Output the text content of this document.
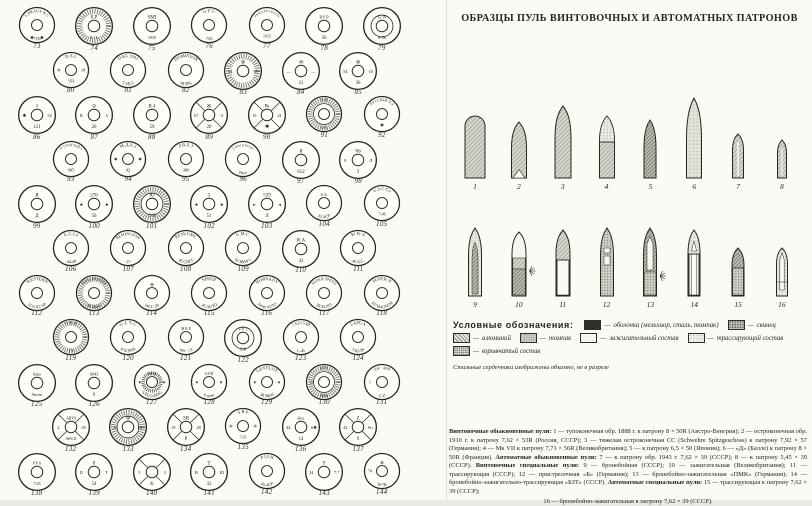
L.BEAUX & C
✱7.65✱
73
Б.Р
8-16
74
SMI
1935
75
·G·F·L·
7.65
76
FIOCCHI LECCO
1915
77
B P D
56
78
G·N
6-56
79
D.A.L
VII
Ф	18
80
DAG 1943
5 VII 2
81
DOMINION
38 SPL
82
⊕
04	65
83
46
21
—	—
84
⊕
36
54	10
85
I
121
✱	52
86
♔
26
R	A
87
R 4
59
88
Ж
20
67	Э
89
Рк
✱
19	21
90
З·В
О·Т
91
РУССКІЙ П.З
✱
92
П ТУЛЬСКІЙ З
905
93
М.Д.Л.З
42
✱	✱
94
Р.В.Л.З
380
95
Селье и Белло
Рига
96
Я
612
97
Ч6
3
8	Л
98
Я
Д
99
270
50
★	★
100
Ю
О·Б
101
3
51
★	★
102
539
Л
▸	◂
103
32 ACP
U.S.
104
U.S.C.Co
7-06
105
U.C.Co
.44-40
106
REMINGTON
-17-
107
REM-UMC
45 COLT
108
U.M.C.
32 S&W L
109
R·A
42
110
W·R·A
.45 A.C.
111
WESTERN
32 COLT NP
112
WINCHESTER
40 S&W
113
WCC 59
⊕
114
SPEER
.45 AUTO
115
HORNADY
10mm AUTO
116
SUPER SPEED
38 AUTO
117
SUPER-X
357 MAGNUM
118
Л·В·Е
Т·І
119
G·L·T·C
F·S/1934
120
939 · 7,9
M K E
121
V·P·T
3 8
122
7.62×53R
L-45
123
LAPUA
7.62-39
124
Sako
9m/m
·	·
125
S043
9
126
VELO-DOG
S.F.M
★	★
127
9 m/m
S.F.M
★	★
128
GEVELOT
38 S&W
★	★
129
SDS
2056
21
130
S4 · 490
G·Z
1
131
ART.8
ARS.D
2	05
132
⊕
26	ПС
133
SB
P
19	28
134
S B P
7.65
Ф	Ф
135
dou.
14
44	S✱
136
Z
9
42	St+
137
P F S
7.65
138
8
54
D	T
139
K
5	3
140
T
33
B	Ш
141
P 53 H
45 ACP
142
У
24	7.7
143
W·58
⊕
74
144
ОБРАЗЦЫ ПУЛЬ ВИНТОВОЧНЫХ И АВТОМАТНЫХ ПАТРОНОВ
1	2	3	4	5	6	7	8
9	10	11	12	13	14	15	16
Условные обозначения:	— оболочка (мельхиор, сталь, томпак)	— свинец
— алюминий	— томпак	— зажигательный состав	— трассирующий состав
— взрывчатый состав
Стальные сердечники изображены объемно, не в разрезе
Винтовочные обыкновенные пули: 1 — тупоконечная обр. 1888 г. к патрону 8 × 50R (Австро-Венгрия); 2 — остроконечная обр. 1910 г. к патрону 7,62 × 53R (Россия, СССР); 3 — тяжелая остроконечная СС (Schwehre Spitzgeschoss) к патрону 7,92 × 57 (Германия); 4 — Мк VII к патрону 7,71 × 56R (Великобритания); 5 — к патрону 6,5 × 50 (Япония); 6 — «Д» (Балле) к патрону 8 × 50R (Франция). Автоматные обыкновенные пули: 7 — к патрону обр. 1943 г. 7,62 × 39 (СССР); 8 — к патрону 5,45 × 39 (СССР). Винтовочные специальные пули: 9 — бронебойная (СССР); 10 — зажигательная (Великобритания); 11 — трассирующая (СССР); 12 — пристрелочная «Б» (Германия); 13 — бронебойно-зажигательная «ПМК» (Германия); 14 — бронебойно-зажигательно-трассирующая «БЗТ» (СССР). Автоматные специальные пули: 15 — трассирующая к патрону 7,62 × 39 (СССР);
16 — бронебойно-зажигательная к патрону 7,62 × 39 (СССР).
